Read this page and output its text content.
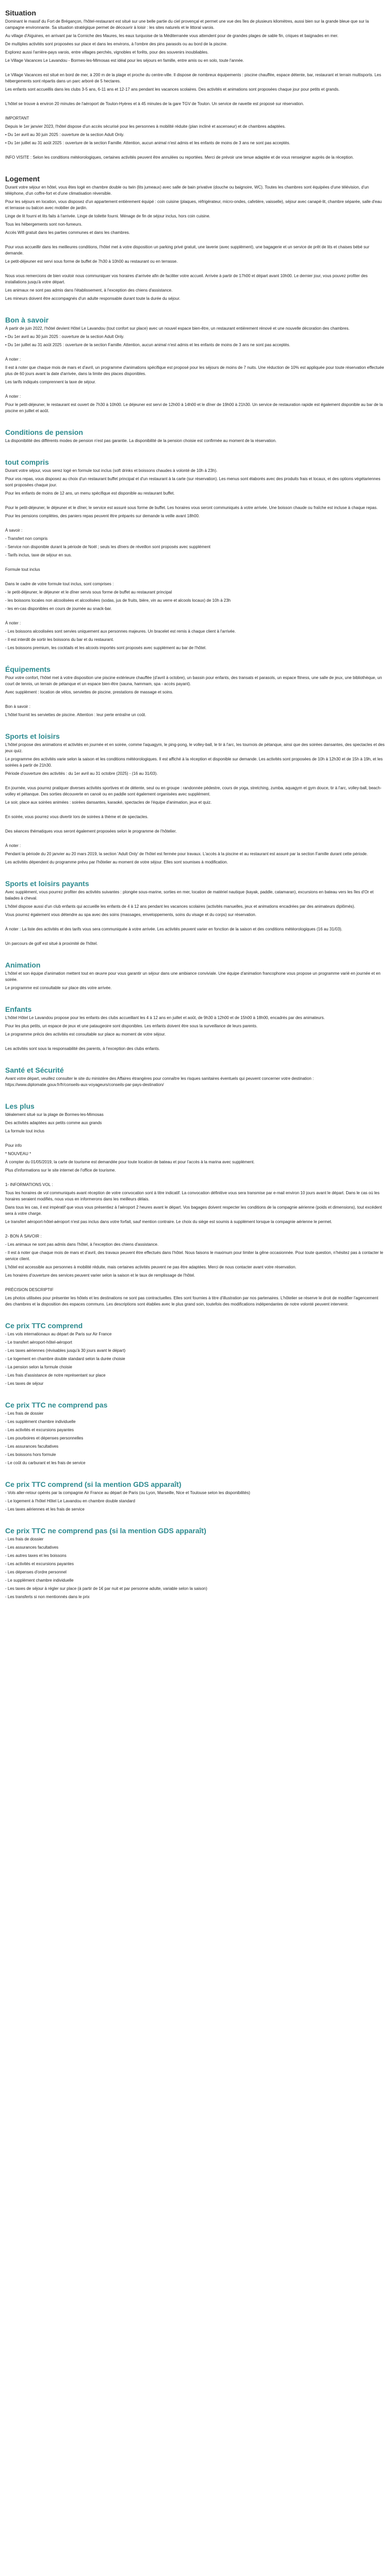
Situation

Dominant le massif du Fort de Brégançon, l'hôtel-restaurant est situé sur une belle partie du ciel provençal et permet une vue des îles de plusieurs kilomètres, aussi bien sur la grande bleue que sur la campagne environnante. Sa situation stratégique permet de découvrir à loisir : les sites naturels et le littoral varois.

Au village d'Aiguines, en arrivant par la Corniche des Maures, les eaux turquoise de la Méditerranée vous attendent pour de grandes plages de sable fin, criques et baignades en mer.

De multiples activités sont proposées sur place et dans les environs, à l'ombre des pins parasols ou au bord de la piscine.

Explorez aussi l'arrière-pays varois, entre villages perchés, vignobles et forêts, pour des souvenirs inoubliables.

Le Village Vacances Le Lavandou - Bormes-les-Mimosas est idéal pour les séjours en famille, entre amis ou en solo, toute l'année.

Le Village Vacances est situé en bord de mer, à 200 m de la plage et proche du centre-ville. Il dispose de nombreux équipements : piscine chauffée, espace détente, bar, restaurant et terrain multisports. Les hébergements sont répartis dans un parc arboré de 5 hectares.

Les enfants sont accueillis dans les clubs 3-5 ans, 6-11 ans et 12-17 ans pendant les vacances scolaires. Des activités et animations sont proposées chaque jour pour petits et grands.

L'hôtel se trouve à environ 20 minutes de l'aéroport de Toulon-Hyères et à 45 minutes de la gare TGV de Toulon. Un service de navette est proposé sur réservation.

IMPORTANT

Depuis le 1er janvier 2023, l'hôtel dispose d'un accès sécurisé pour les personnes à mobilité réduite (plan incliné et ascenseur) et de chambres adaptées.

• Du 1er avril au 30 juin 2025 : ouverture de la section Adult Only.

• Du 1er juillet au 31 août 2025 : ouverture de la section Famille. Attention, aucun animal n'est admis et les enfants de moins de 3 ans ne sont pas acceptés.

INFO VISITE : Selon les conditions météorologiques, certaines activités peuvent être annulées ou reportées. Merci de prévoir une tenue adaptée et de vous renseigner auprès de la réception.

Logement

Durant votre séjour en hôtel, vous êtes logé en chambre double ou twin (lits jumeaux) avec salle de bain privative (douche ou baignoire, WC). Toutes les chambres sont équipées d'une télévision, d'un téléphone, d'un coffre-fort et d'une climatisation réversible.

Pour les séjours en location, vous disposez d'un appartement entièrement équipé : coin cuisine (plaques, réfrigérateur, micro-ondes, cafetière, vaisselle), séjour avec canapé-lit, chambre séparée, salle d'eau et terrasse ou balcon avec mobilier de jardin.

Linge de lit fourni et lits faits à l'arrivée. Linge de toilette fourni. Ménage de fin de séjour inclus, hors coin cuisine.

Tous les hébergements sont non-fumeurs.

Accès Wifi gratuit dans les parties communes et dans les chambres.

Pour vous accueillir dans les meilleures conditions, l'hôtel met à votre disposition un parking privé gratuit, une laverie (avec supplément), une bagagerie et un service de prêt de lits et chaises bébé sur demande.

Le petit-déjeuner est servi sous forme de buffet de 7h30 à 10h00 au restaurant ou en terrasse.

Nous vous remercions de bien vouloir nous communiquer vos horaires d'arrivée afin de faciliter votre accueil. Arrivée à partir de 17h00 et départ avant 10h00. Le dernier jour, vous pouvez profiter des installations jusqu'à votre départ.

Les animaux ne sont pas admis dans l'établissement, à l'exception des chiens d'assistance.

Les mineurs doivent être accompagnés d'un adulte responsable durant toute la durée du séjour.

Bon à savoir

À partir de juin 2022, l'hôtel devient Hôtel Le Lavandou (tout confort sur place) avec un nouvel espace bien-être, un restaurant entièrement rénové et une nouvelle décoration des chambres.

• Du 1er avril au 30 juin 2025 : ouverture de la section Adult Only.

• Du 1er juillet au 31 août 2025 : ouverture de la section Famille. Attention, aucun animal n'est admis et les enfants de moins de 3 ans ne sont pas acceptés.

À noter :

Il est à noter que chaque mois de mars et d'avril, un programme d'animations spécifique est proposé pour les séjours de moins de 7 nuits. Une réduction de 10% est appliquée pour toute réservation effectuée plus de 60 jours avant la date d'arrivée, dans la limite des places disponibles.

Les tarifs indiqués comprennent la taxe de séjour.

À noter :

Pour le petit-déjeuner, le restaurant est ouvert de 7h30 à 10h00. Le déjeuner est servi de 12h00 à 14h00 et le dîner de 19h00 à 21h30. Un service de restauration rapide est également disponible au bar de la piscine en juillet et août.

Conditions de pension

La disponibilité des différents modes de pension n'est pas garantie. La disponibilité de la pension choisie est confirmée au moment de la réservation.

tout compris

Durant votre séjour, vous serez logé en formule tout inclus (soft drinks et boissons chaudes à volonté de 10h à 23h).

Pour vos repas, vous disposez au choix d'un restaurant buffet principal et d'un restaurant à la carte (sur réservation). Les menus sont élaborés avec des produits frais et locaux, et des options végétariennes sont proposées chaque jour.

Pour les enfants de moins de 12 ans, un menu spécifique est disponible au restaurant buffet.

Pour le petit-déjeuner, le déjeuner et le dîner, le service est assuré sous forme de buffet. Les horaires vous seront communiqués à votre arrivée. Une boisson chaude ou fraîche est incluse à chaque repas.

Pour les pensions complètes, des paniers repas peuvent être préparés sur demande la veille avant 18h00.

À savoir :

- Transfert non compris

- Service non disponible durant la période de Noël ; seuls les dîners de réveillon sont proposés avec supplément

- Tarifs inclus, taxe de séjour en sus.

Formule tout inclus

Dans le cadre de votre formule tout inclus, sont comprises :

- le petit-déjeuner, le déjeuner et le dîner servis sous forme de buffet au restaurant principal

- les boissons locales non alcoolisées et alcoolisées (sodas, jus de fruits, bière, vin au verre et alcools locaux) de 10h à 23h

- les en-cas disponibles en cours de journée au snack-bar.

À noter :

- Les boissons alcoolisées sont servies uniquement aux personnes majeures. Un bracelet est remis à chaque client à l'arrivée.

- Il est interdit de sortir les boissons du bar et du restaurant.

- Les boissons premium, les cocktails et les alcools importés sont proposés avec supplément au bar de l'hôtel.

Équipements

Pour votre confort, l'hôtel met à votre disposition une piscine extérieure chauffée (d'avril à octobre), un bassin pour enfants, des transats et parasols, un espace fitness, une salle de jeux, une bibliothèque, un court de tennis, un terrain de pétanque et un espace bien-être (sauna, hammam, spa - accès payant).

Avec supplément : location de vélos, serviettes de piscine, prestations de massage et soins.

Bon à savoir :

L'hôtel fournit les serviettes de piscine. Attention : leur perte entraîne un coût.

Sports et loisirs

L'hôtel propose des animations et activités en journée et en soirée, comme l'aquagym, le ping-pong, le volley-ball, le tir à l'arc, les tournois de pétanque, ainsi que des soirées dansantes, des spectacles et des jeux quiz.

Le programme des activités varie selon la saison et les conditions météorologiques. Il est affiché à la réception et disponible sur demande. Les activités sont proposées de 10h à 12h30 et de 15h à 19h, et les soirées à partir de 21h30.

Période d'ouverture des activités : du 1er avril au 31 octobre (2025) - (16 au 31/03).

En journée, vous pourrez pratiquer diverses activités sportives et de détente, seul ou en groupe : randonnée pédestre, cours de yoga, stretching, zumba, aquagym et gym douce, tir à l'arc, volley-ball, beach-volley et pétanque. Des sorties découverte en canoë ou en paddle sont également organisées avec supplément.

Le soir, place aux soirées animées : soirées dansantes, karaoké, spectacles de l'équipe d'animation, jeux et quiz.

En soirée, vous pourrez vous divertir lors de soirées à thème et de spectacles.

Des séances thématiques vous seront également proposées selon le programme de l'hôtelier.

À noter :

Pendant la période du 20 janvier au 20 mars 2019, la section 'Adult Only' de l'hôtel est fermée pour travaux. L'accès à la piscine et au restaurant est assuré par la section Famille durant cette période.

Les activités dépendent du programme prévu par l'hôtelier au moment de votre séjour. Elles sont soumises à modification.

Sports et loisirs payants

Avec supplément, vous pourrez profiter des activités suivantes : plongée sous-marine, sorties en mer, location de matériel nautique (kayak, paddle, catamaran), excursions en bateau vers les îles d'Or et balades à cheval.

L'hôtel dispose aussi d'un club enfants qui accueille les enfants de 4 à 12 ans pendant les vacances scolaires (activités manuelles, jeux et animations encadrées par des animateurs diplômés).

Vous pourrez également vous détendre au spa avec des soins (massages, enveloppements, soins du visage et du corps) sur réservation.

À noter : La liste des activités et des tarifs vous sera communiquée à votre arrivée. Les activités peuvent varier en fonction de la saison et des conditions météorologiques (16 au 31/03).

Un parcours de golf est situé à proximité de l'hôtel.

Animation

L'hôtel et son équipe d'animation mettent tout en œuvre pour vous garantir un séjour dans une ambiance conviviale. Une équipe d'animation francophone vous propose un programme varié en journée et en soirée.

Le programme est consultable sur place dès votre arrivée.

Enfants

L'hôtel Hôtel Le Lavandou propose pour les enfants des clubs accueillant les 4 à 12 ans en juillet et août, de 9h30 à 12h00 et de 15h00 à 18h00, encadrés par des animateurs.

Pour les plus petits, un espace de jeux et une pataugeoire sont disponibles. Les enfants doivent être sous la surveillance de leurs parents.

Le programme précis des activités est consultable sur place au moment de votre séjour.

Les activités sont sous la responsabilité des parents, à l'exception des clubs enfants.

Santé et Sécurité

Avant votre départ, veuillez consulter le site du ministère des Affaires étrangères pour connaître les risques sanitaires éventuels qui peuvent concerner votre destination : https://www.diplomatie.gouv.fr/fr/conseils-aux-voyageurs/conseils-par-pays-destination/

Les plus

Idéalement situé sur la plage de Bormes-les-Mimosas

Des activités adaptées aux petits comme aux grands

La formule tout inclus

Pour info

* NOUVEAU *

À compter du 01/05/2019, la carte de tourisme est demandée pour toute location de bateau et pour l'accès à la marina avec supplément.

Plus d'informations sur le site internet de l'office de tourisme.

1- INFORMATIONS VOL :

Tous les horaires de vol communiqués avant réception de votre convocation sont à titre indicatif. La convocation définitive vous sera transmise par e-mail environ 10 jours avant le départ. Dans le cas où les horaires seraient modifiés, nous vous en informerons dans les meilleurs délais.

Dans tous les cas, il est impératif que vous vous présentiez à l'aéroport 2 heures avant le départ. Vos bagages doivent respecter les conditions de la compagnie aérienne (poids et dimensions), tout excédent sera à votre charge.

Le transfert aéroport-hôtel-aéroport n'est pas inclus dans votre forfait, sauf mention contraire. Le choix du siège est soumis à supplément lorsque la compagnie aérienne le permet.

2- BON À SAVOIR :

- Les animaux ne sont pas admis dans l'hôtel, à l'exception des chiens d'assistance.

- Il est à noter que chaque mois de mars et d'avril, des travaux peuvent être effectués dans l'hôtel. Nous faisons le maximum pour limiter la gêne occasionnée. Pour toute question, n'hésitez pas à contacter le service client.

L'hôtel est accessible aux personnes à mobilité réduite, mais certaines activités peuvent ne pas être adaptées. Merci de nous contacter avant votre réservation.

Les horaires d'ouverture des services peuvent varier selon la saison et le taux de remplissage de l'hôtel.

PRÉCISION DESCRIPTIF

Les photos utilisées pour présenter les hôtels et les destinations ne sont pas contractuelles. Elles sont fournies à titre d'illustration par nos partenaires. L'hôtelier se réserve le droit de modifier l'agencement des chambres et la disposition des espaces communs. Les descriptions sont établies avec le plus grand soin, toutefois des modifications indépendantes de notre volonté peuvent intervenir.

Ce prix TTC comprend

- Les vols internationaux au départ de Paris sur Air France

- Le transfert aéroport-hôtel-aéroport

- Les taxes aériennes (révisables jusqu'à 30 jours avant le départ)

- Le logement en chambre double standard selon la durée choisie

- La pension selon la formule choisie

- Les frais d'assistance de notre représentant sur place

- Les taxes de séjour

Ce prix TTC ne comprend pas

- Les frais de dossier

- Les supplément chambre individuelle

- Les activités et excursions payantes

- Les pourboires et dépenses personnelles

- Les assurances facultatives

- Les boissons hors formule

- Le coût du carburant et les frais de service

Ce prix TTC comprend (si la mention GDS apparaît)

- Vols aller-retour opérés par la compagnie Air France au départ de Paris (ou Lyon, Marseille, Nice et Toulouse selon les disponibilités)

- Le logement à l'hôtel Hôtel Le Lavandou en chambre double standard

- Les taxes aériennes et les frais de service

Ce prix TTC ne comprend pas (si la mention GDS apparaît)

- Les frais de dossier

- Les assurances facultatives

- Les autres taxes et les boissons

- Les activités et excursions payantes

- Les dépenses d'ordre personnel

- Le supplément chambre individuelle

- Les taxes de séjour à régler sur place (à partir de 1€ par nuit et par personne adulte, variable selon la saison)

- Les transferts si non mentionnés dans le prix
